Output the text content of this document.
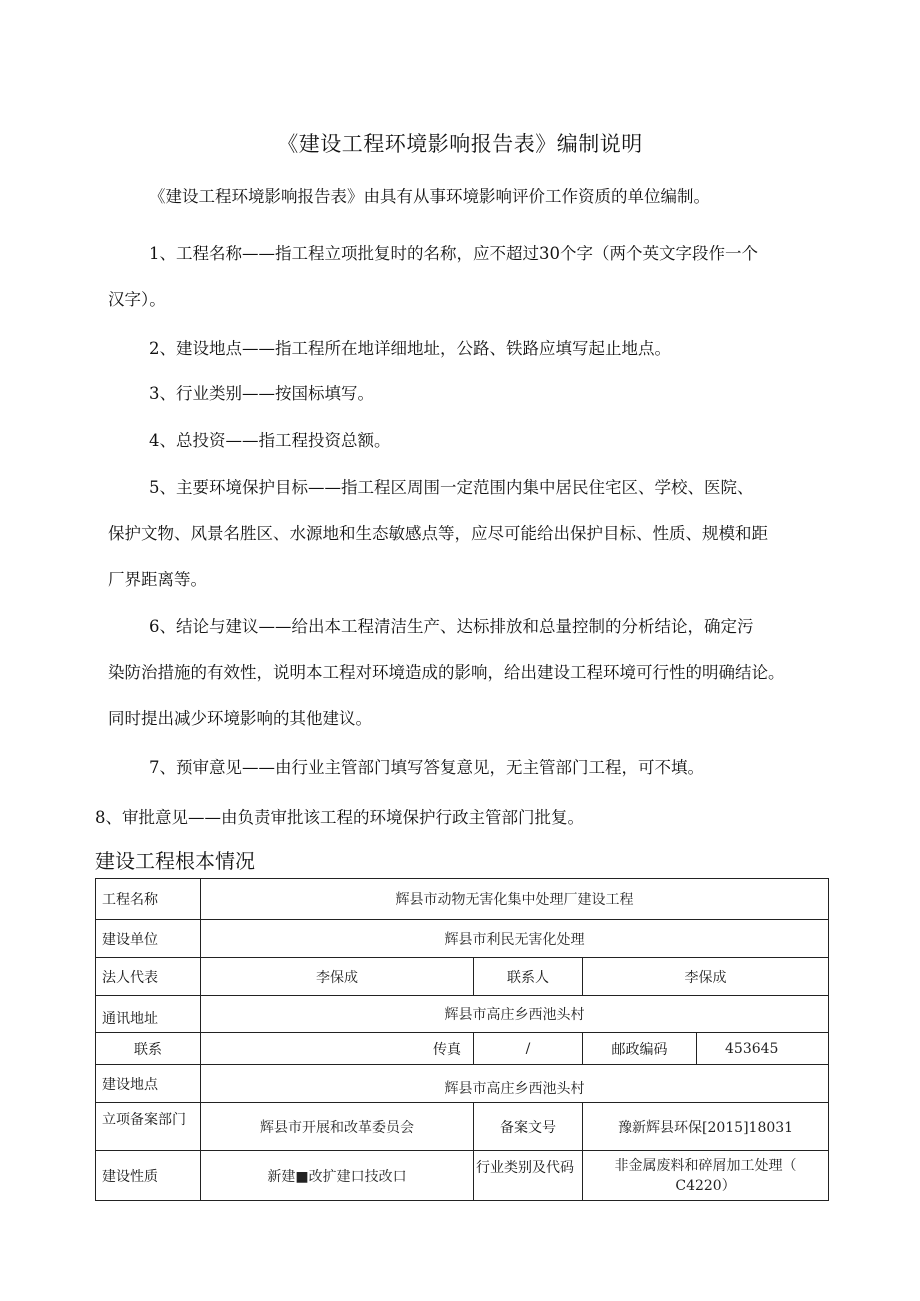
《建设工程环境影响报告表》编制说明
《建设工程环境影响报告表》由具有从事环境影响评价工作资质的单位编制。
1、工程名称——指工程立项批复时的名称，应不超过30个字（两个英文字段作一个
汉字）。
2、建设地点——指工程所在地详细地址，公路、铁路应填写起止地点。
3、行业类别——按国标填写。
4、总投资——指工程投资总额。
5、主要环境保护目标——指工程区周围一定范围内集中居民住宅区、学校、医院、
保护文物、风景名胜区、水源地和生态敏感点等，应尽可能给出保护目标、性质、规模和距
厂界距离等。
6、结论与建议——给出本工程清洁生产、达标排放和总量控制的分析结论，确定污
染防治措施的有效性，说明本工程对环境造成的影响，给出建设工程环境可行性的明确结论。
同时提出减少环境影响的其他建议。
7、预审意见——由行业主管部门填写答复意见，无主管部门工程，可不填。
8、审批意见——由负责审批该工程的环境保护行政主管部门批复。
建设工程根本情况
工程名称	辉县市动物无害化集中处理厂建设工程			
建设单位	辉县市利民无害化处理			
法人代表	李保成	联系人	李保成	
通讯地址	辉县市高庄乡西池头村			
联系	传真	/	邮政编码	453645
建设地点	辉县市高庄乡西池头村			
立项备案部门	辉县市开展和改革委员会	备案文号	豫新辉县环保[2015]18031	
建设性质	新建■改扩建口技改口	行业类别及代码	非金属废料和碎屑加工处理（
C4220）	
